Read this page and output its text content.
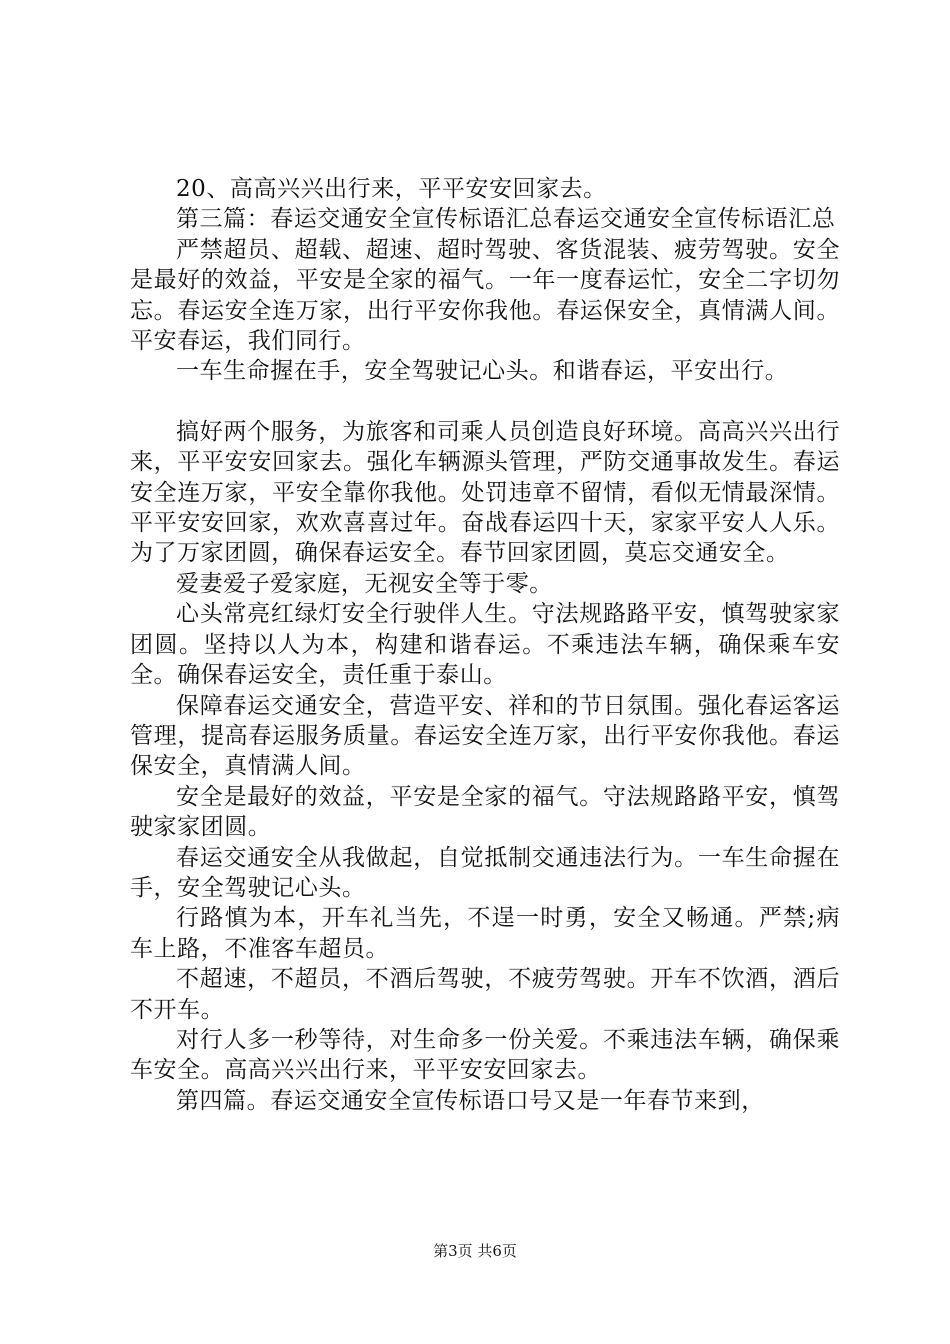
20、高高兴兴出行来，平平安安回家去。

第三篇：春运交通安全宣传标语汇总春运交通安全宣传标语汇总

严禁超员、超载、超速、超时驾驶、客货混装、疲劳驾驶。安全是最好的效益，平安是全家的福气。一年一度春运忙，安全二字切勿忘。春运安全连万家，出行平安你我他。春运保安全，真情满人间。平安春运，我们同行。

一车生命握在手，安全驾驶记心头。和谐春运，平安出行。

搞好两个服务，为旅客和司乘人员创造良好环境。高高兴兴出行来，平平安安回家去。强化车辆源头管理，严防交通事故发生。春运安全连万家，平安全靠你我他。处罚违章不留情，看似无情最深情。平平安安回家，欢欢喜喜过年。奋战春运四十天，家家平安人人乐。为了万家团圆，确保春运安全。春节回家团圆，莫忘交通安全。

爱妻爱子爱家庭，无视安全等于零。

心头常亮红绿灯安全行驶伴人生。守法规路路平安，慎驾驶家家团圆。坚持以人为本，构建和谐春运。不乘违法车辆，确保乘车安全。确保春运安全，责任重于泰山。

保障春运交通安全，营造平安、祥和的节日氛围。强化春运客运管理，提高春运服务质量。春运安全连万家，出行平安你我他。春运保安全，真情满人间。

安全是最好的效益，平安是全家的福气。守法规路路平安，慎驾驶家家团圆。

春运交通安全从我做起，自觉抵制交通违法行为。一车生命握在手，安全驾驶记心头。

行路慎为本，开车礼当先，不逞一时勇，安全又畅通。严禁;病车上路，不准客车超员。

不超速，不超员，不酒后驾驶，不疲劳驾驶。开车不饮酒，酒后不开车。

对行人多一秒等待，对生命多一份关爱。不乘违法车辆，确保乘车安全。高高兴兴出行来，平平安安回家去。

第四篇。春运交通安全宣传标语口号又是一年春节来到，

第3页 共6页
